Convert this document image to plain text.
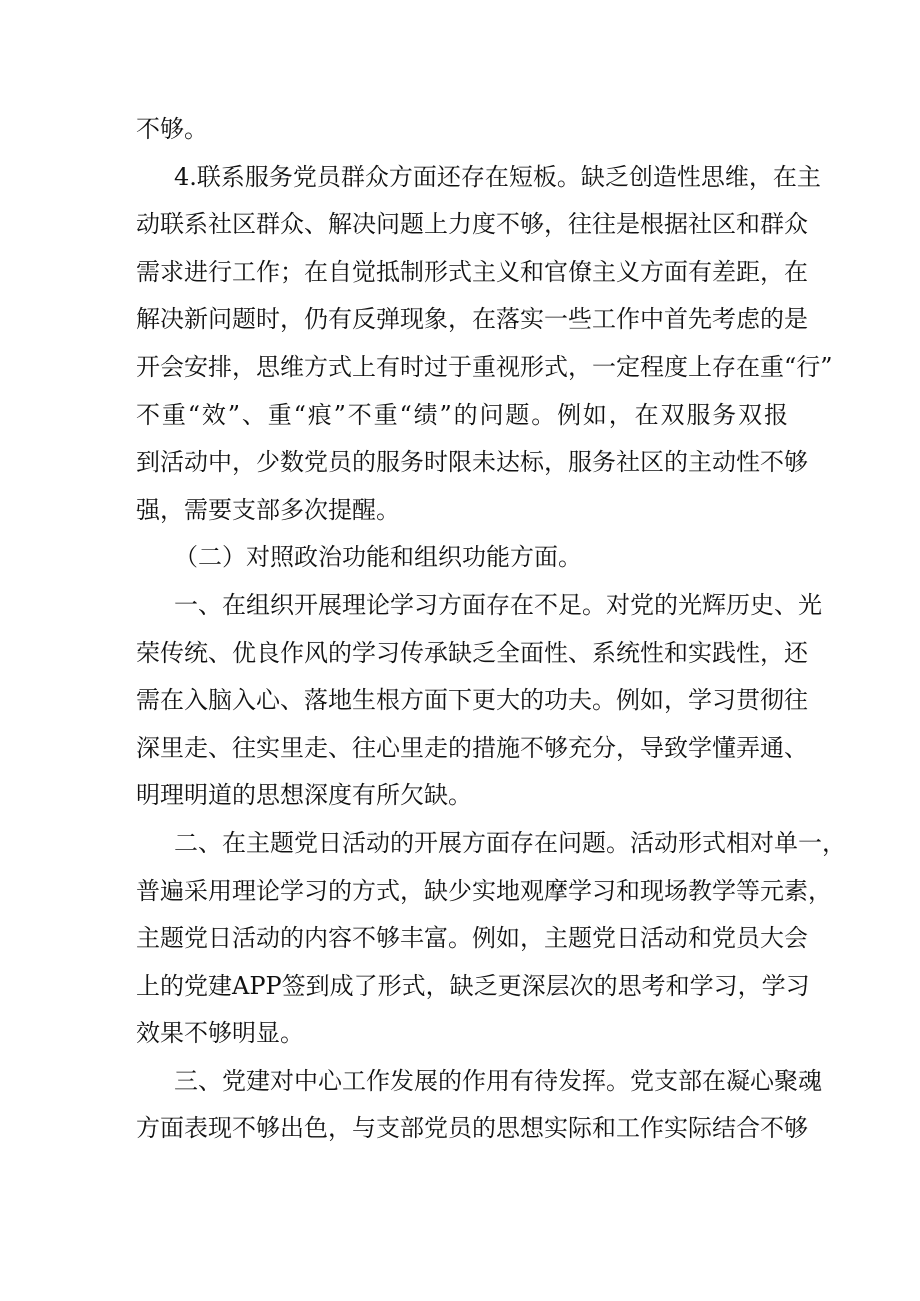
不够。
4.联系服务党员群众方面还存在短板。缺乏创造性思维，在主
动联系社区群众、解决问题上力度不够，往往是根据社区和群众
需求进行工作；在自觉抵制形式主义和官僚主义方面有差距，在
解决新问题时，仍有反弹现象，在落实一些工作中首先考虑的是
开会安排，思维方式上有时过于重视形式，一定程度上存在重“行”
不重“效”、重“痕”不重“绩”的问题。例如，在双服务双报
到活动中，少数党员的服务时限未达标，服务社区的主动性不够
强，需要支部多次提醒。
（二）对照政治功能和组织功能方面。
一、在组织开展理论学习方面存在不足。对党的光辉历史、光
荣传统、优良作风的学习传承缺乏全面性、系统性和实践性，还
需在入脑入心、落地生根方面下更大的功夫。例如，学习贯彻往
深里走、往实里走、往心里走的措施不够充分，导致学懂弄通、
明理明道的思想深度有所欠缺。
二、在主题党日活动的开展方面存在问题。活动形式相对单一，
普遍采用理论学习的方式，缺少实地观摩学习和现场教学等元素，
主题党日活动的内容不够丰富。例如，主题党日活动和党员大会
上的党建APP签到成了形式，缺乏更深层次的思考和学习，学习
效果不够明显。
三、党建对中心工作发展的作用有待发挥。党支部在凝心聚魂
方面表现不够出色，与支部党员的思想实际和工作实际结合不够
